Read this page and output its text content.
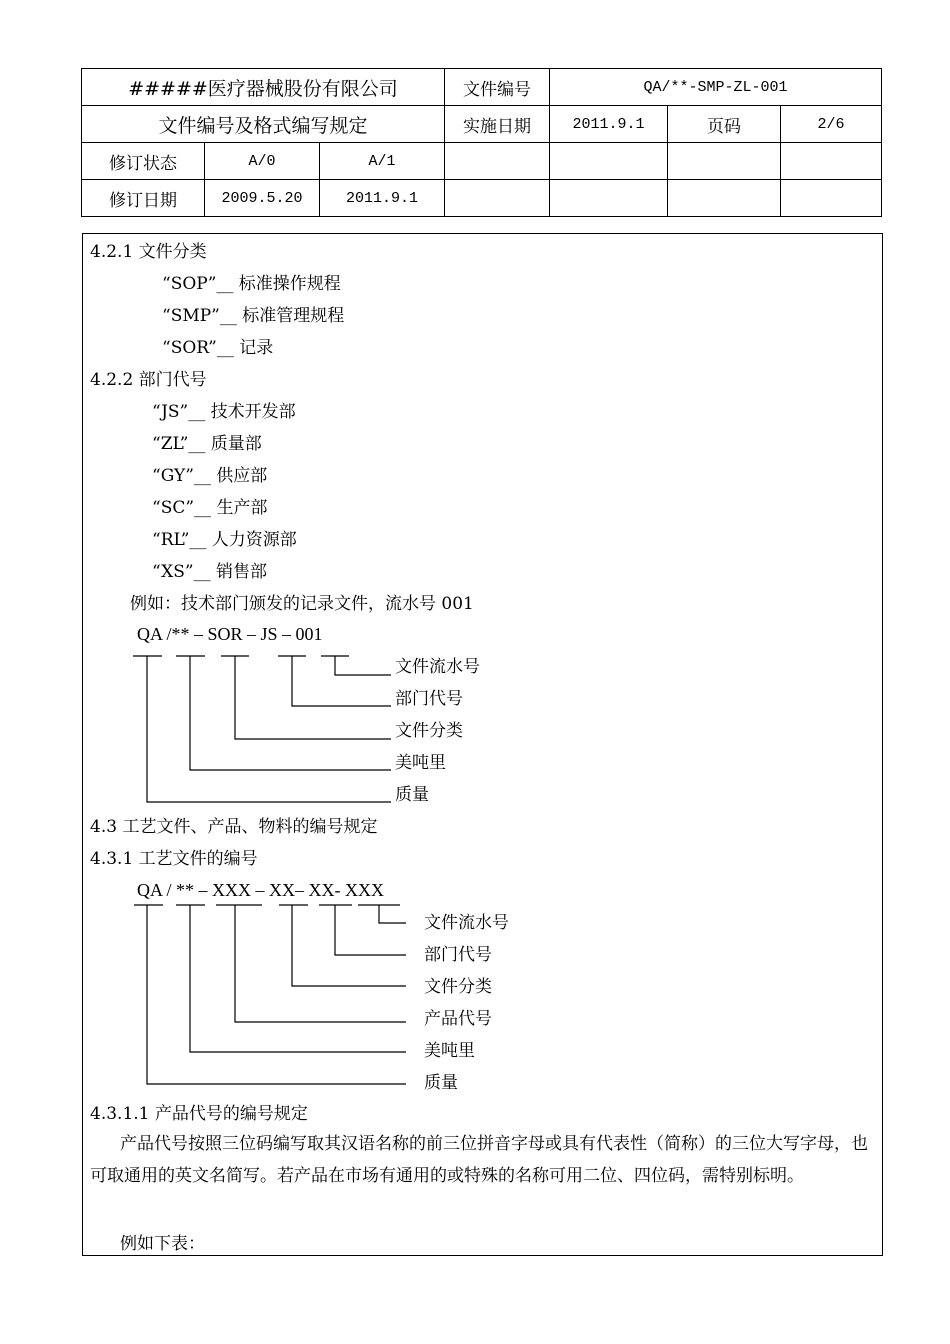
#####医疗器械股份有限公司			文件编号	QA/**-SMP-ZL-001		
文件编号及格式编写规定			实施日期	2011.9.1	页码	2/6
修订状态	A/0	A/1				
修订日期	2009.5.20	2011.9.1				
4.2.1 文件分类
“SOP”__ 标准操作规程
“SMP”__ 标准管理规程
“SOR”__ 记录
4.2.2 部门代号
“JS”__ 技术开发部
“ZL”__ 质量部
“GY”__ 供应部
“SC”__ 生产部
“RL”__ 人力资源部
“XS”__ 销售部
例如：技术部门颁发的记录文件，流水号 001
QA /** – SOR – JS – 001
文件流水号
部门代号
文件分类
美吨里
质量
4.3 工艺文件、产品、物料的编号规定
4.3.1 工艺文件的编号
QA / ** – XXX – XX– XX- XXX
文件流水号
部门代号
文件分类
产品代号
美吨里
质量
4.3.1.1 产品代号的编号规定
产品代号按照三位码编写取其汉语名称的前三位拼音字母或具有代表性（简称）的三位大写字母，也可取通用的英文名简写。若产品在市场有通用的或特殊的名称可用二位、四位码，需特别标明。
例如下表：
